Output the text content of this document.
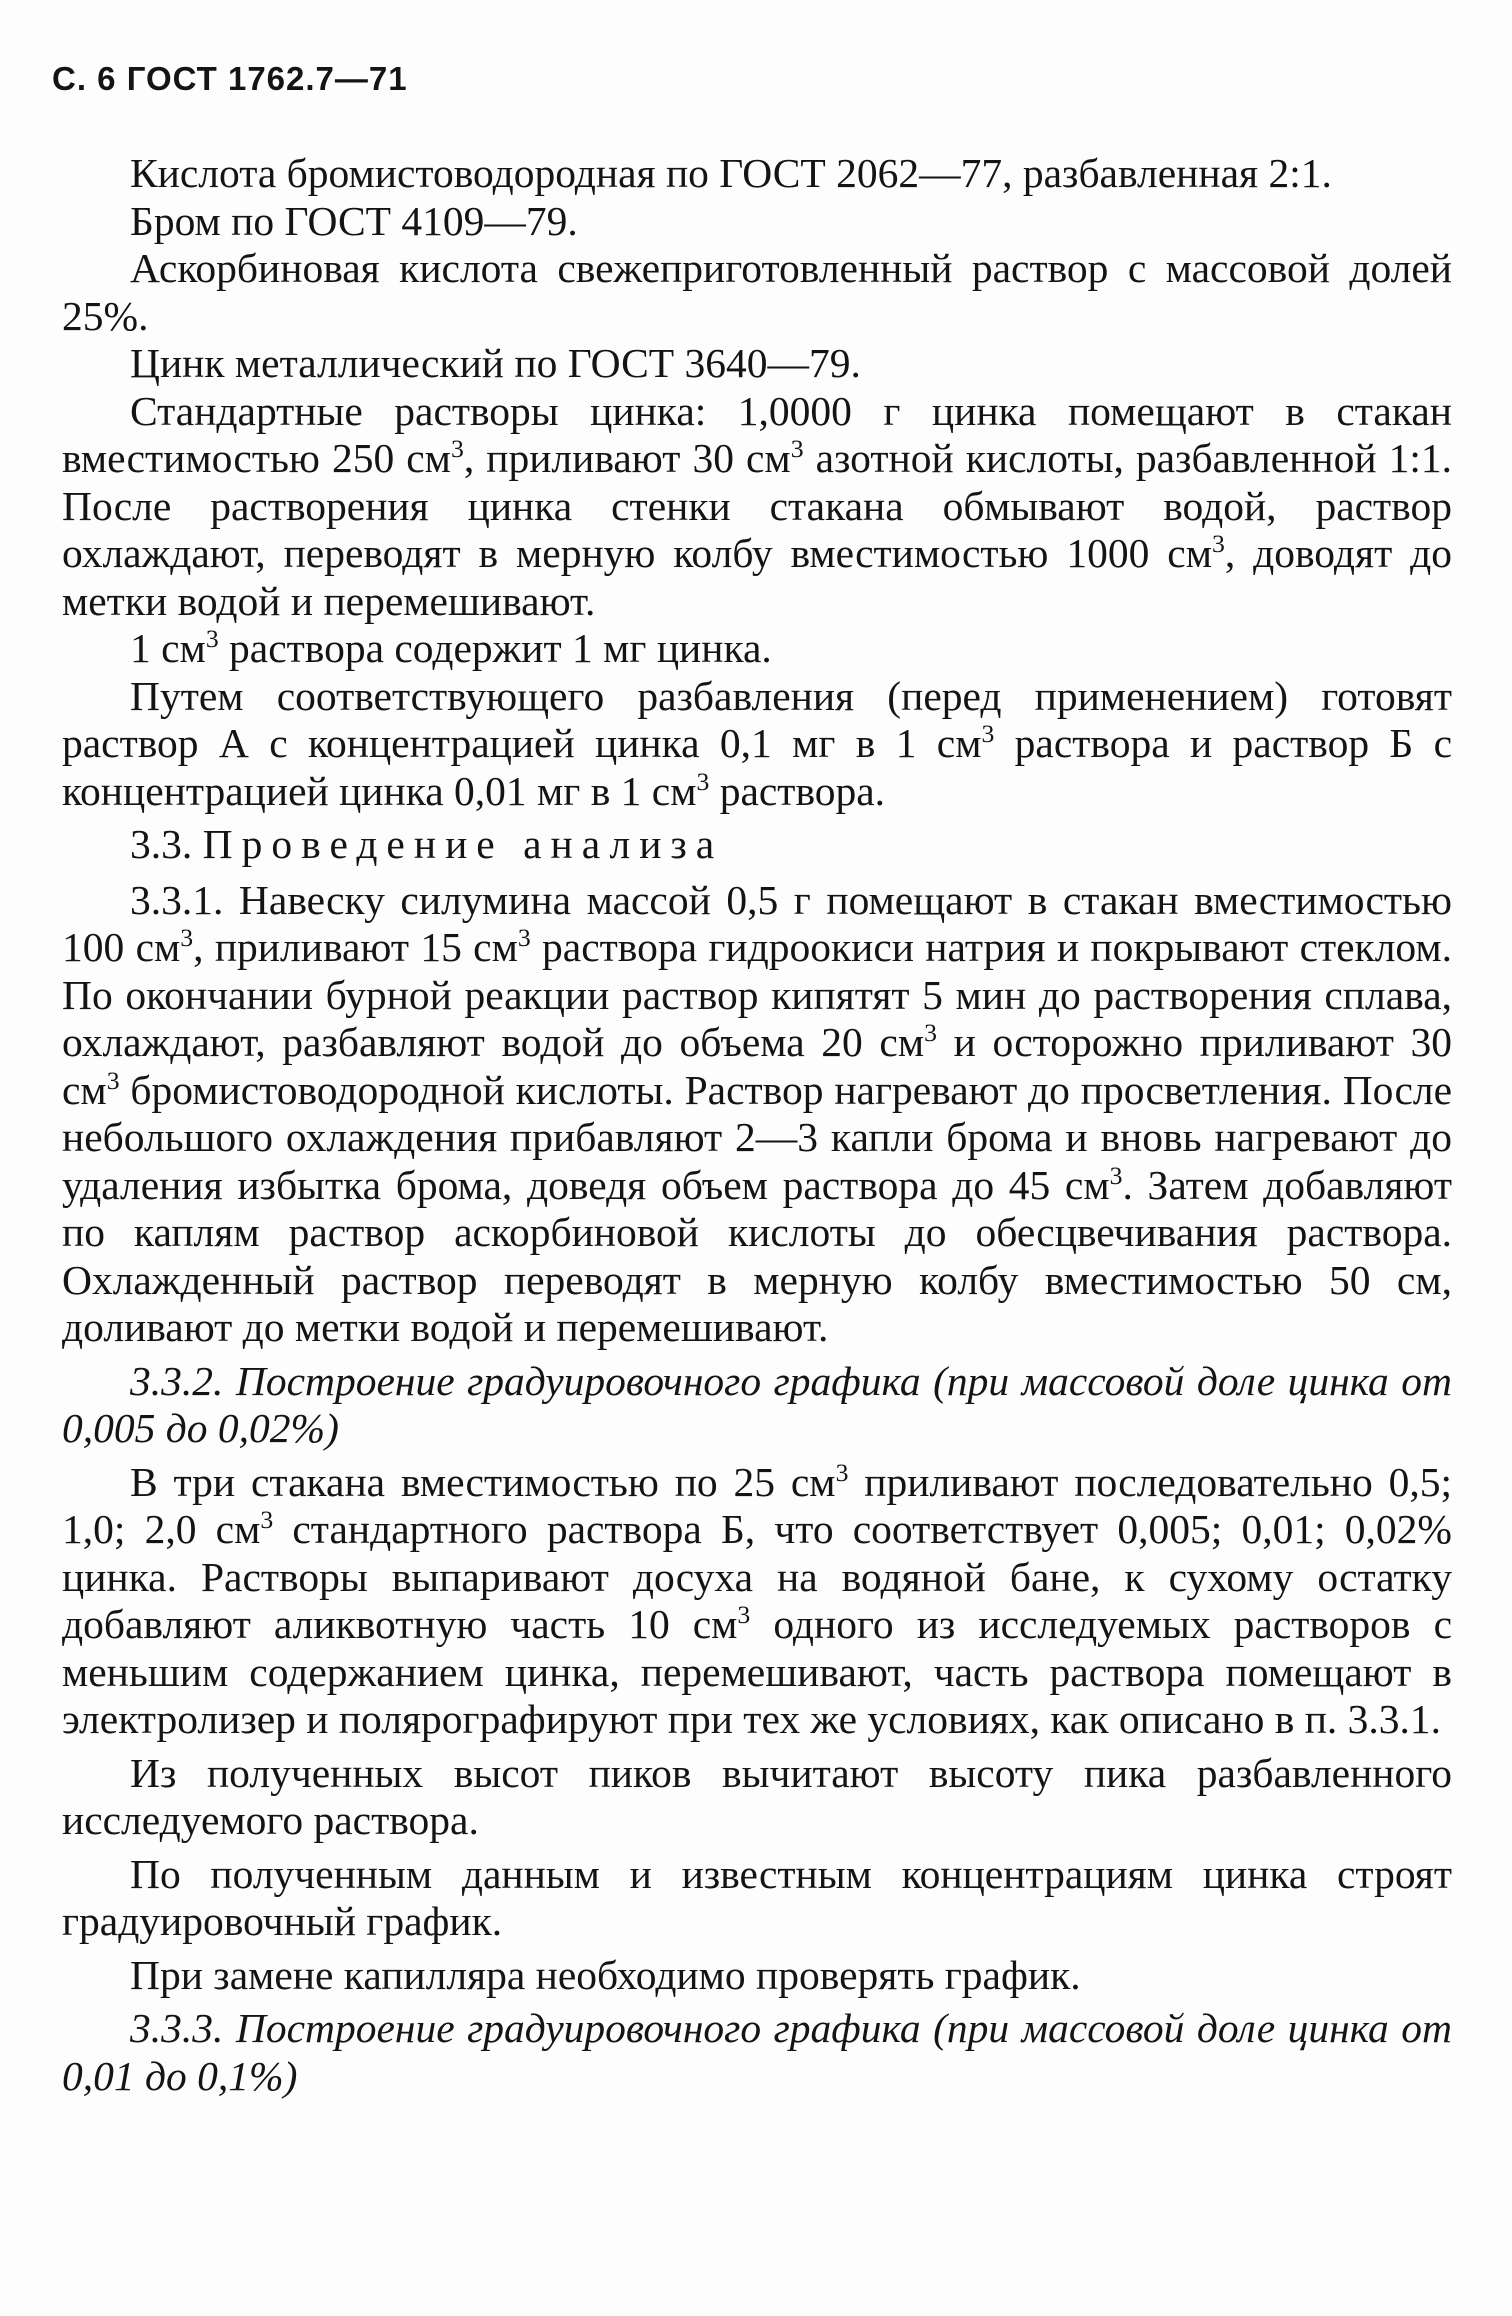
С. 6 ГОСТ 1762.7—71

Кислота бромистоводородная по ГОСТ 2062—77, разбавленная 2:1.

Бром по ГОСТ 4109—79.

Аскорбиновая кислота свежеприготовленный раствор с массовой долей 25%.

Цинк металлический по ГОСТ 3640—79.

Стандартные растворы цинка: 1,0000 г цинка помещают в стакан вместимостью 250 $см^3$, приливают 30 $см^3$ азотной кислоты, разбавленной 1:1. После растворения цинка стенки стакана обмывают водой, раствор охлаждают, переводят в мерную колбу вместимостью 1000 $см^3$, доводят до метки водой и перемешивают.

1 $см^3$ раствора содержит 1 мг цинка.

Путем соответствующего разбавления (перед применением) готовят раствор А с концентрацией цинка 0,1 мг в 1 $см^3$ раствора и раствор Б с концентрацией цинка 0,01 мг в 1 $см^3$ раствора.

3.3. Проведение анализа

3.3.1. Навеску силумина массой 0,5 г помещают в стакан вместимостью 100 $см^3$, приливают 15 $см^3$ раствора гидроокиси натрия и покрывают стеклом. По окончании бурной реакции раствор кипятят 5 мин до растворения сплава, охлаждают, разбавляют водой до объема 20 $см^3$ и осторожно приливают 30 $см^3$ бромистоводородной кислоты. Раствор нагревают до просветления. После небольшого охлаждения прибавляют 2—3 капли брома и вновь нагревают до удаления избытка брома, доведя объем раствора до 45 $см^3$. Затем добавляют по каплям раствор аскорбиновой кислоты до обесцвечивания раствора. Охлажденный раствор переводят в мерную колбу вместимостью 50 см, доливают до метки водой и перемешивают.

3.3.2. Построение градуировочного графика (при массовой доле цинка от 0,005 до 0,02%)

В три стакана вместимостью по 25 $см^3$ приливают последовательно 0,5; 1,0; 2,0 $см^3$ стандартного раствора Б, что соответствует 0,005; 0,01; 0,02% цинка. Растворы выпаривают досуха на водяной бане, к сухому остатку добавляют аликвотную часть 10 $см^3$ одного из исследуемых растворов с меньшим содержанием цинка, перемешивают, часть раствора помещают в электролизер и полярографируют при тех же условиях, как описано в п. 3.3.1.

Из полученных высот пиков вычитают высоту пика разбавленного исследуемого раствора.

По полученным данным и известным концентрациям цинка строят градуировочный график.

При замене капилляра необходимо проверять график.

3.3.3. Построение градуировочного графика (при массовой доле цинка от 0,01 до 0,1%)
